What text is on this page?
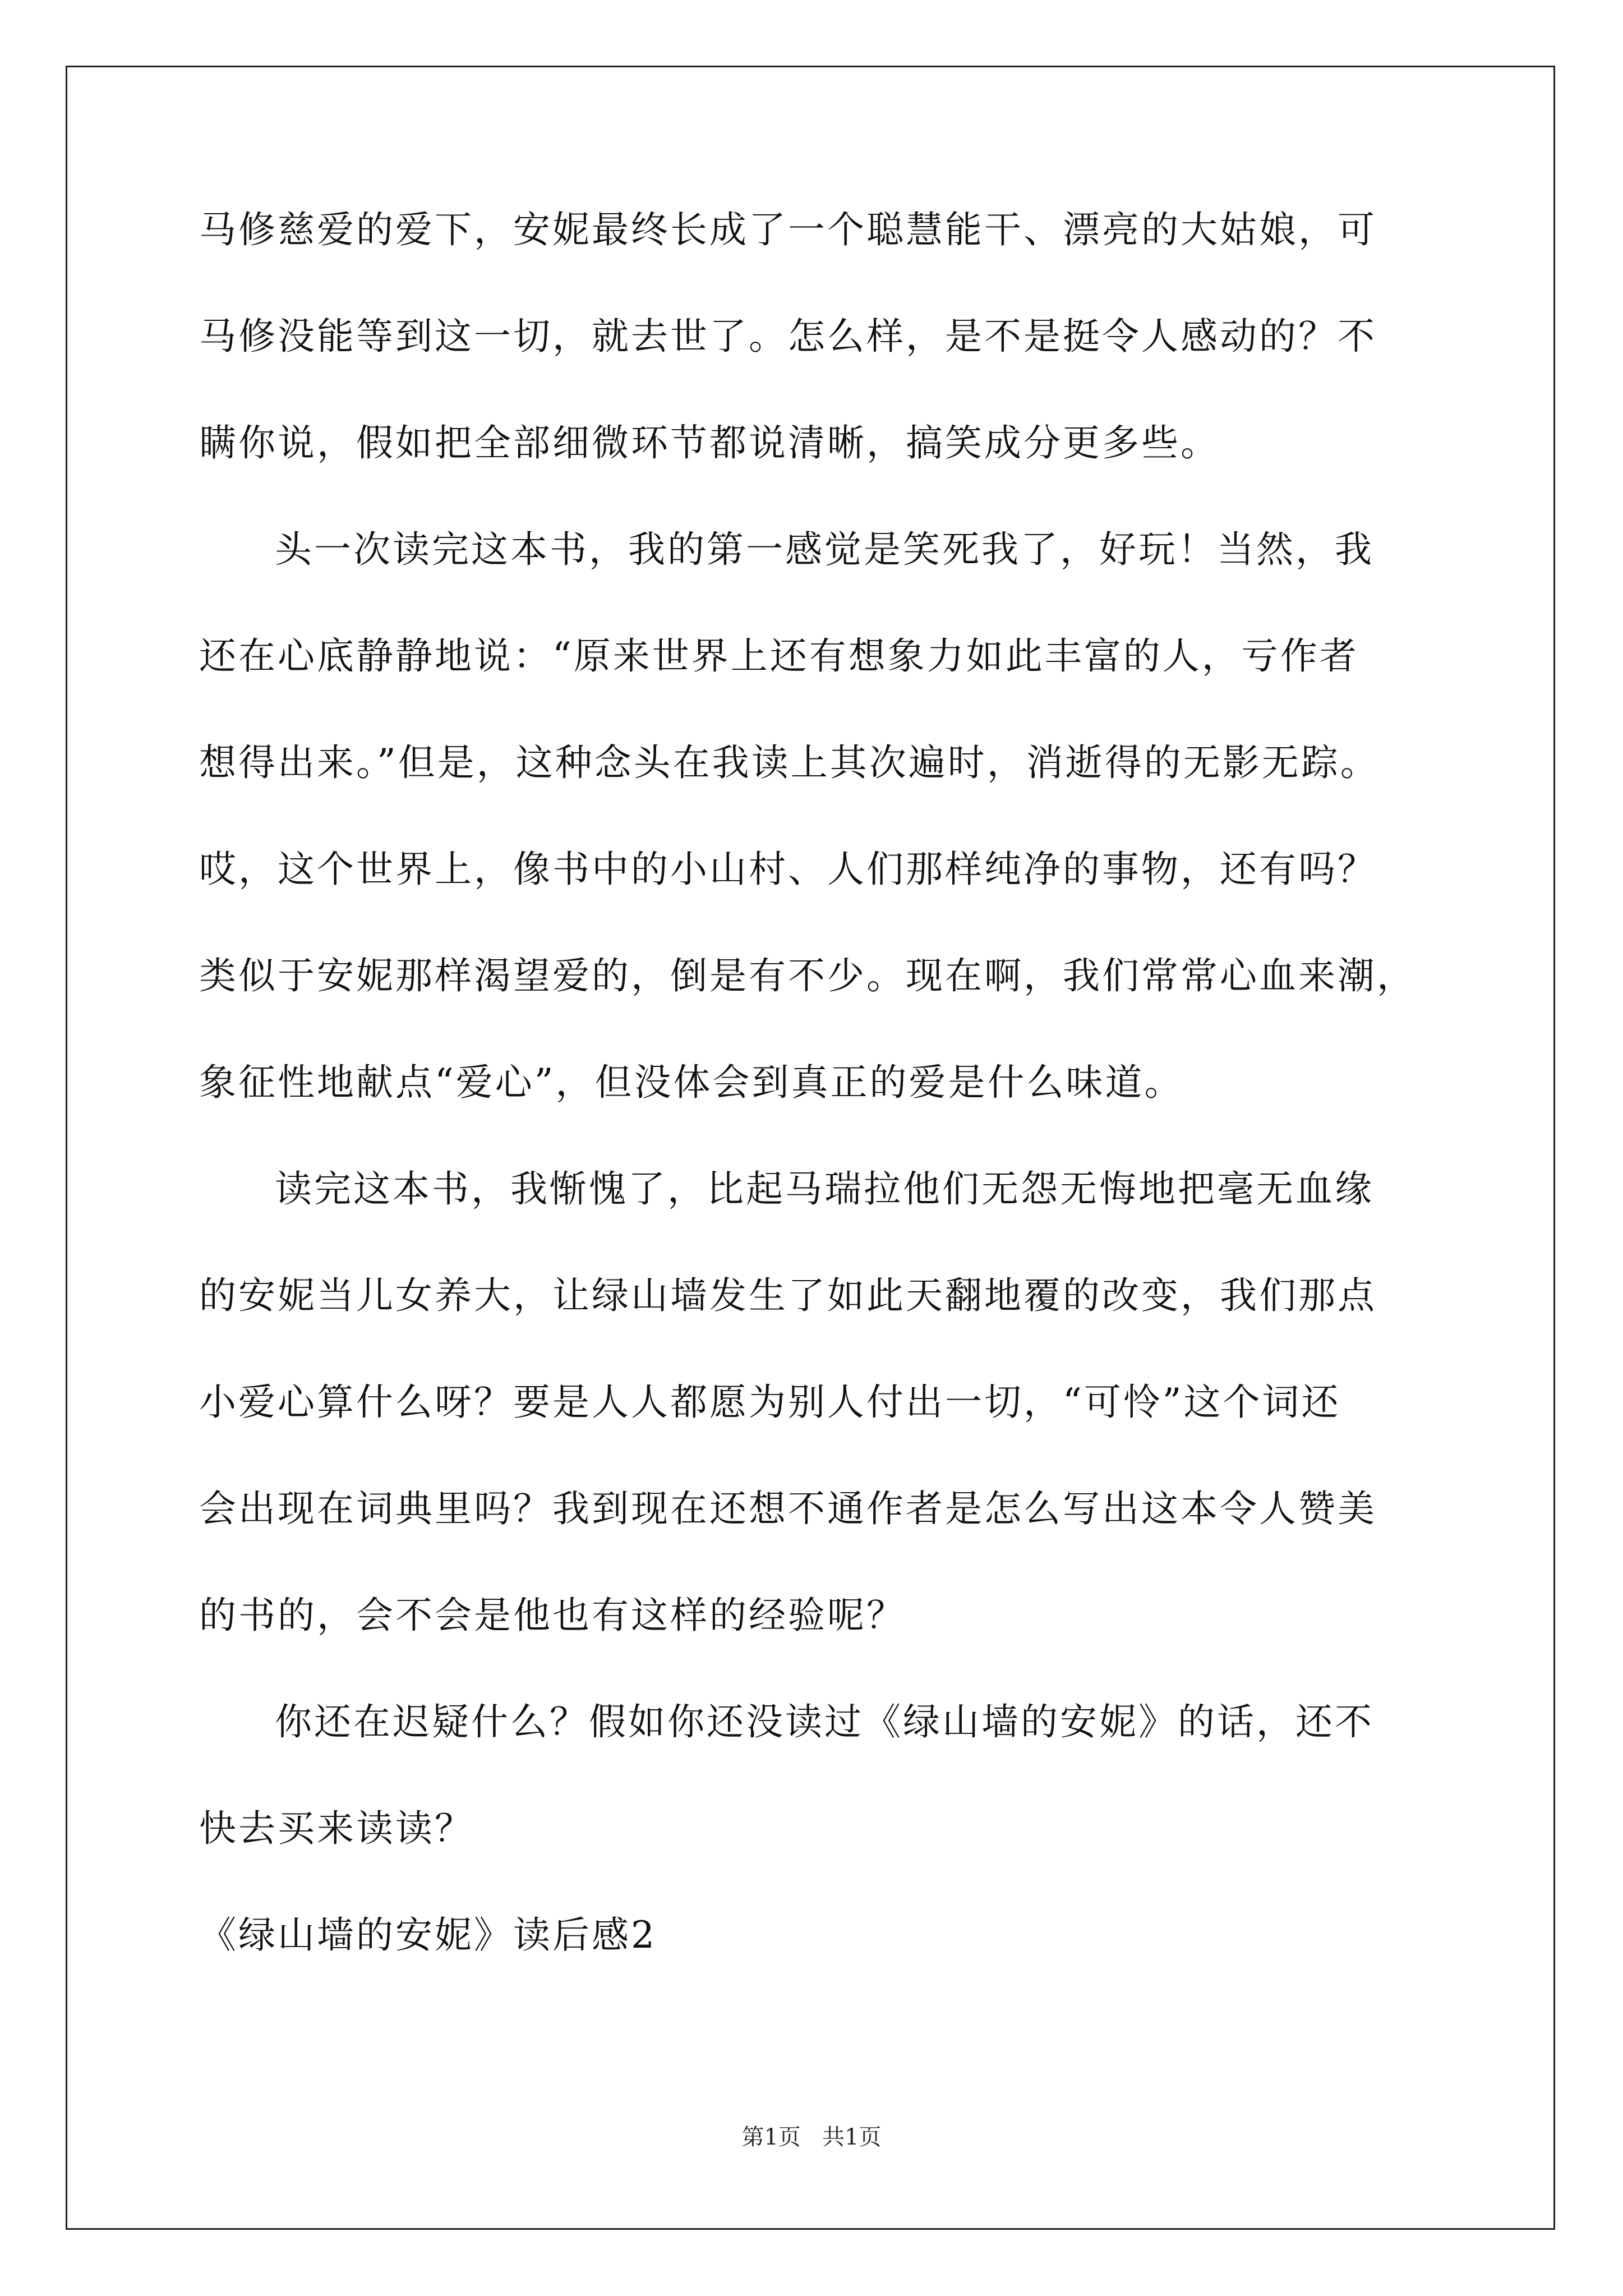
马修慈爱的爱下，安妮最终长成了一个聪慧能干、漂亮的大姑娘，可
马修没能等到这一切，就去世了。怎么样，是不是挺令人感动的？不
瞒你说，假如把全部细微环节都说清晰，搞笑成分更多些。
头一次读完这本书，我的第一感觉是笑死我了，好玩！当然，我
还在心底静静地说：“原来世界上还有想象力如此丰富的人，亏作者
想得出来。”但是，这种念头在我读上其次遍时，消逝得的无影无踪。
哎，这个世界上，像书中的小山村、人们那样纯净的事物，还有吗？
类似于安妮那样渴望爱的，倒是有不少。现在啊，我们常常心血来潮，
象征性地献点“爱心”，但没体会到真正的爱是什么味道。
读完这本书，我惭愧了，比起马瑞拉他们无怨无悔地把毫无血缘
的安妮当儿女养大，让绿山墙发生了如此天翻地覆的改变，我们那点
小爱心算什么呀？要是人人都愿为别人付出一切，“可怜”这个词还
会出现在词典里吗？我到现在还想不通作者是怎么写出这本令人赞美
的书的，会不会是他也有这样的经验呢？
你还在迟疑什么？假如你还没读过《绿山墙的安妮》的话，还不
快去买来读读？
《绿山墙的安妮》读后感2
第1页   共1页
